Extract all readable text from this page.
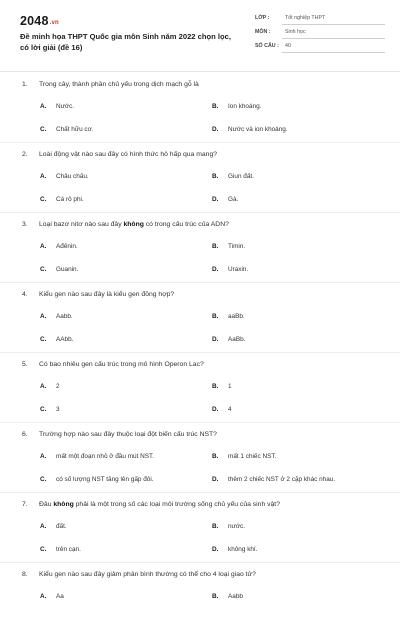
2048.vn
Đề minh họa THPT Quốc gia môn Sinh năm 2022 chọn lọc, có lời giải (đề 16)
LỚP :	Tốt nghiệp THPT
MÔN :	Sinh học
SỐ CÂU : 40
1. Trong cây, thành phần chủ yếu trong dịch mạch gỗ là
A. Nước.	B. Ion khoáng.
C. Chất hữu cơ.	D. Nước và ion khoáng.
2. Loài động vật nào sau đây có hình thức hô hấp qua mang?
A. Châu chấu.	B. Giun đất.
C. Cá rô phi.	D. Gà.
3. Loại bazơ nitơ nào sau đây không có trong cấu trúc của ADN?
A. Ađênin.	B. Timin.
C. Guanin.	D. Uraxin.
4. Kiểu gen nào sau đây là kiểu gen đồng hợp?
A. Aabb.	B. aaBb.
C. AAbb.	D. AaBb.
5. Có bao nhiêu gen cấu trúc trong mô hình Operon Lac?
A. 2	B. 1
C. 3	D. 4
6. Trường hợp nào sau đây thuộc loại đột biến cấu trúc NST?
A. mất một đoạn nhỏ ở đầu mút NST.	B. mất 1 chiếc NST.
C. có số lượng NST tăng lên gấp đôi.	D. thêm 2 chiếc NST ở 2 cặp khác nhau.
7. Đâu không phải là một trong số các loại môi trường sống chủ yếu của sinh vật?
A. đất.	B. nước.
C. trên cạn.	D. không khí.
8. Kiểu gen nào sau đây giảm phân bình thường có thể cho 4 loại giao tử?
A. Aa	B. Aabb
